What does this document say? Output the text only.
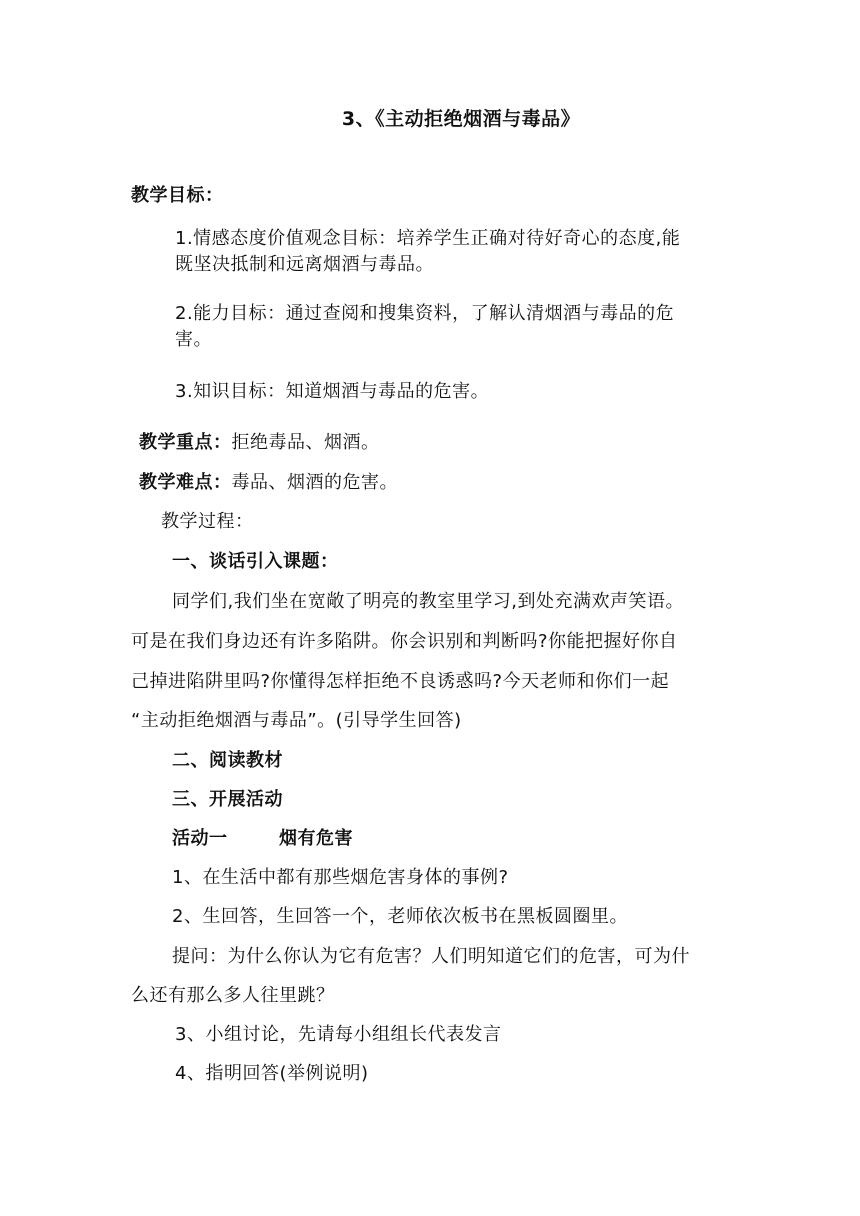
3、《主动拒绝烟酒与毒品》
教学目标：
1.情感态度价值观念目标：培养学生正确对待好奇心的态度,能
既坚决抵制和远离烟酒与毒品。
2.能力目标：通过查阅和搜集资料，了解认清烟酒与毒品的危
害。
3.知识目标：知道烟酒与毒品的危害。
教学重点：拒绝毒品、烟酒。
教学难点：毒品、烟酒的危害。
教学过程：
一、谈话引入课题：
同学们,我们坐在宽敞了明亮的教室里学习,到处充满欢声笑语。
可是在我们身边还有许多陷阱。你会识别和判断吗?你能把握好你自
己掉进陷阱里吗?你懂得怎样拒绝不良诱惑吗?今天老师和你们一起
“主动拒绝烟酒与毒品”。(引导学生回答)
二、阅读教材
三、开展活动
活动一	烟有危害
1、在生活中都有那些烟危害身体的事例?
2、生回答，生回答一个，老师依次板书在黑板圆圈里。
提问：为什么你认为它有危害？人们明知道它们的危害，可为什
么还有那么多人往里跳？
3、小组讨论，先请每小组组长代表发言
4、指明回答(举例说明)
